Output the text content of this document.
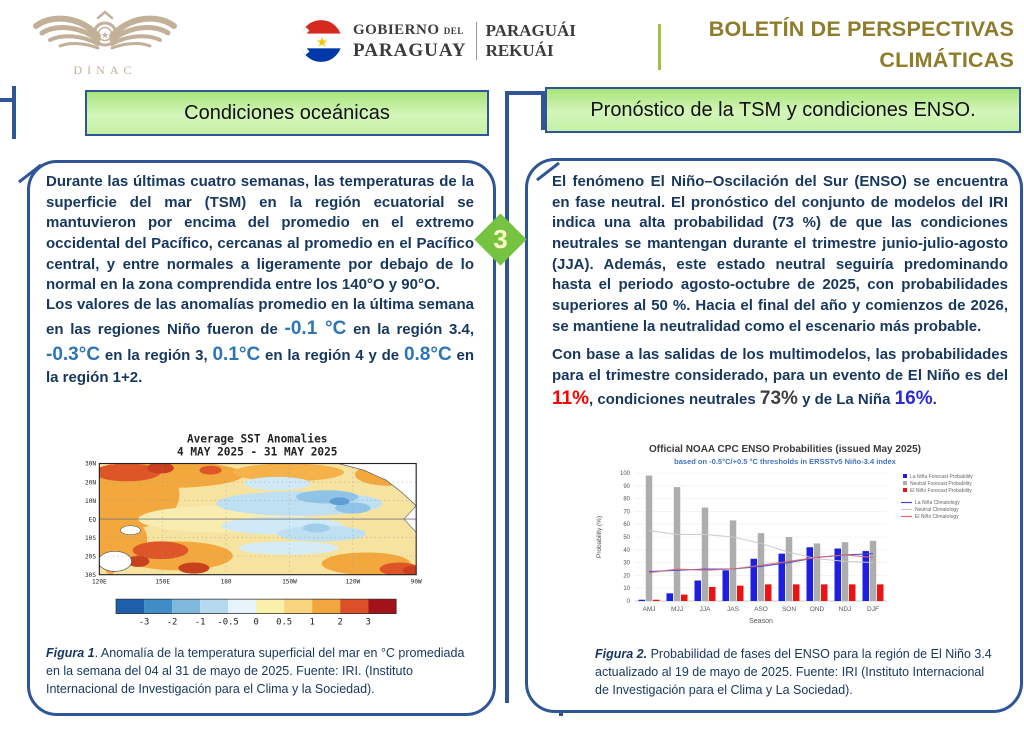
★
DINAC
★
GOBIERNO DEL
PARAGUAY
PARAGUÁI
REKUÁI
BOLETÍN DE PERSPECTIVAS
CLIMÁTICAS
Condiciones oceánicas	Pronóstico de la TSM y condiciones ENSO.
3

Durante las últimas cuatro semanas, las temperaturas de la superficie del mar (TSM) en la región ecuatorial se mantuvieron por encima del promedio en el extremo occidental del Pacífico, cercanas al promedio en el Pacífico central, y entre normales a ligeramente por debajo de lo normal en la zona comprendida entre los 140°O y 90°O.

Los valores de las anomalías promedio en la última semana en las regiones Niño fueron de -0.1 °C en la región 3.4, -0.3°C en la región 3, 0.1°C en la región 4 y de 0.8°C en la región 1+2.

Average SST Anomalies
4 MAY 2025 - 31 MAY 2025
30N
20N
10N
EQ
10S
20S
30S
120E	150E	180	150W	120W	90W
-3 -2 -1 -0.5 0 0.5 1	2	3

Figura 1. Anomalía de la temperatura superficial del mar en °C promediada en la semana del 04 al 31 de mayo de 2025. Fuente: IRI. (Instituto Internacional de Investigación para el Clima y la Sociedad).

El fenómeno El Niño–Oscilación del Sur (ENSO) se encuentra en fase neutral. El pronóstico del conjunto de modelos del IRI indica una alta probabilidad (73 %) de que las condiciones neutrales se mantengan durante el trimestre junio-julio-agosto (JJA). Además, este estado neutral seguiría predominando hasta el periodo agosto-octubre de 2025, con probabilidades superiores al 50 %. Hacia el final del año y comienzos de 2026, se mantiene la neutralidad como el escenario más probable.

Con base a las salidas de los multimodelos, las probabilidades para el trimestre considerado, para un evento de El Niño es del 11%, condiciones neutrales 73% y de La Niña 16%.

Official NOAA CPC ENSO Probabilities (issued May 2025)
based on -0.5°C/+0.5 °C thresholds in ERSSTv5 Niño-3.4 index
0
10
20
30
40
50
60
70
80
90
100
Probability (%)
AMJ MJJ	JJA	JAS ASO SON OND NDJ DJF
Season
La Niña Forecast Probability
Neutral Forecast Probability
El Niño Forecast Probability
La Niña Climatology
Neutral Climatology
El Niño Climatology

Figura 2. Probabilidad de fases del ENSO para la región de El Niño 3.4 actualizado al 19 de mayo de 2025. Fuente: IRI (Instituto Internacional de Investigación para el Clima y La Sociedad).
